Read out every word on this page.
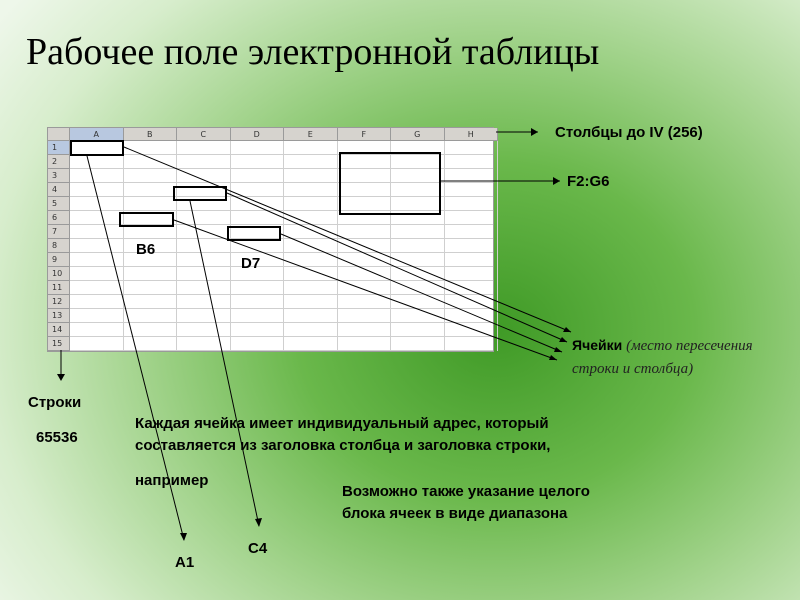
Рабочее поле электронной таблицы
A	B	C	D	E	F	G	H
1
2
3
4
5
6
7
8
9
10
11
12
13
14
15
B6
D7
A1
C4
Столбцы до IV (256)
F2:G6
Ячейки (место пересечения строки и столбца)
Строки
65536
Каждая ячейка имеет индивидуальный адрес, который
составляется из заголовка столбца и заголовка строки,
например
Возможно также указание целого
блока ячеек в виде диапазона
